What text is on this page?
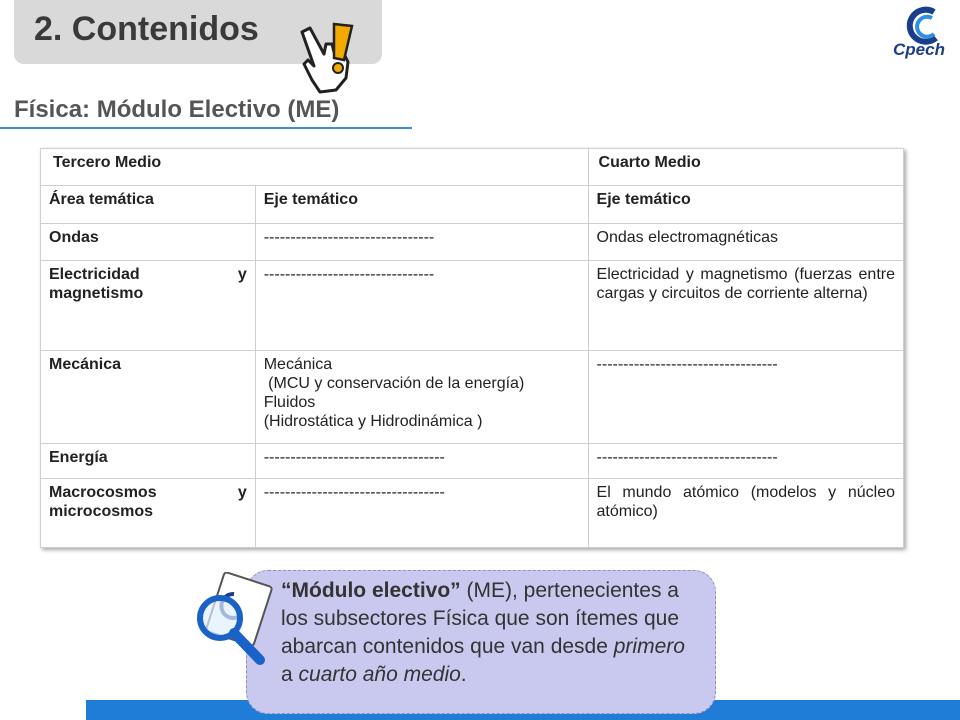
2. Contenidos
Cpech
Física: Módulo Electivo (ME)
Tercero Medio		Cuarto Medio
Área temática	Eje temático	Eje temático
Ondas	--------------------------------	Ondas electromagnéticas

Electricidad y
magnetismo	--------------------------------	Electricidad y magnetismo (fuerzas entre cargas y circuitos de corriente alterna)
Mecánica	Mecánica
(MCU y conservación de la energía)
Fluidos
(Hidrostática y Hidrodinámica )	----------------------------------
Energía	----------------------------------	----------------------------------

Macrocosmos y
microcosmos	----------------------------------	El mundo atómico (modelos y núcleo atómico)
“Módulo electivo” (ME), pertenecientes a los subsectores Física que son ítemes que abarcan contenidos que van desde primero a cuarto año medio.
